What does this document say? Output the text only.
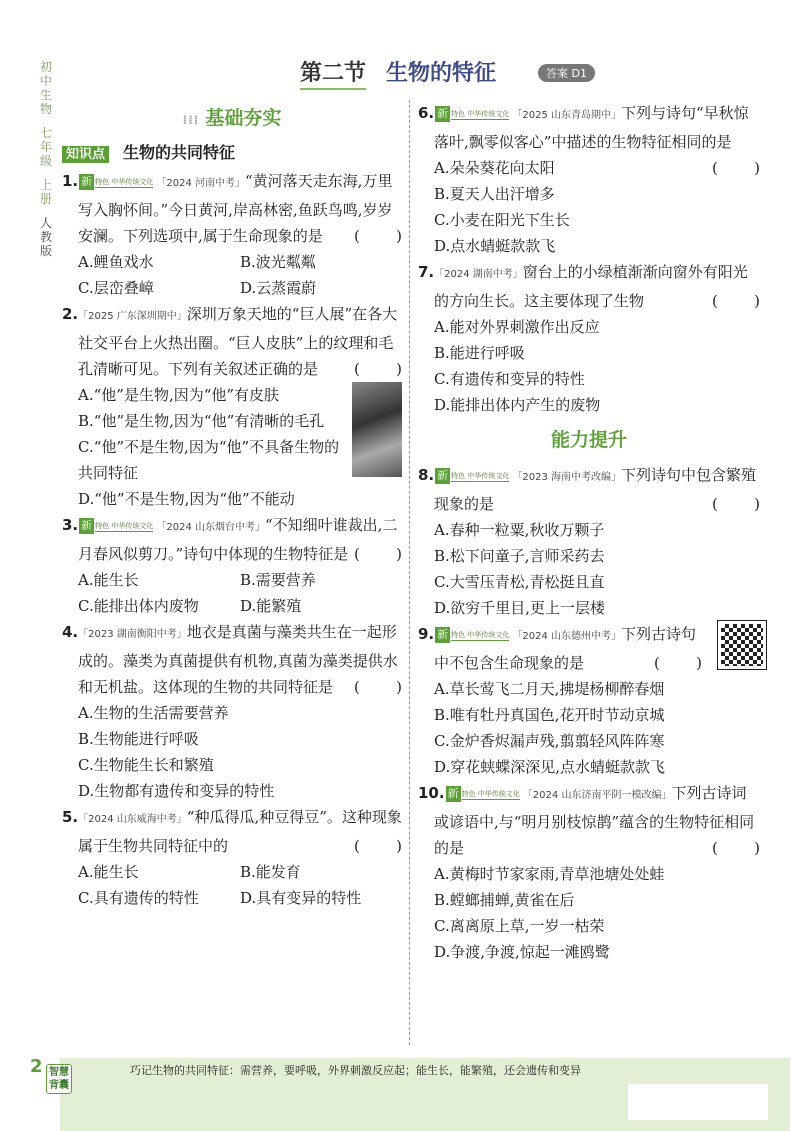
初中生物
七年级
上册
人教版
第二节 生物的特征	答案 D1
⁞⁞⁞ 基础夯实
知识点 生物的共同特征
1. 新 特色 中华传统文化 「2024 河南中考」“黄河落天走东海,万里写入胸怀间。”今日黄河,岸高林密,鱼跃鸟鸣,岁岁安澜。下列选项中,属于生命现象的是 ( )
A.鲤鱼戏水	B.波光粼粼
C.层峦叠嶂	D.云蒸霞蔚
2.「2025 广东深圳期中」深圳万象天地的“巨人展”在各大社交平台上火热出圈。“巨人皮肤”上的纹理和毛孔清晰可见。下列有关叙述正确的是 ( )
A.“他”是生物,因为“他”有皮肤
B.“他”是生物,因为“他”有清晰的毛孔
C.“他”不是生物,因为“他”不具备生物的共同特征
D.“他”不是生物,因为“他”不能动
3. 新 特色 中华传统文化 「2024 山东烟台中考」“不知细叶谁裁出,二月春风似剪刀。”诗句中体现的生物特征是 ( )
A.能生长	B.需要营养
C.能排出体内废物	D.能繁殖
4.「2023 湖南衡阳中考」地衣是真菌与藻类共生在一起形成的。藻类为真菌提供有机物,真菌为藻类提供水和无机盐。这体现的生物的共同特征是 ( )
A.生物的生活需要营养
B.生物能进行呼吸
C.生物能生长和繁殖
D.生物都有遗传和变异的特性
5.「2024 山东威海中考」“种瓜得瓜,种豆得豆”。这种现象属于生物共同特征中的	( )
A.能生长	B.能发育
C.具有遗传的特性	D.具有变异的特性
6. 新 特色 中华传统文化 「2025 山东青岛期中」下列与诗句“早秋惊落叶,飘零似客心”中描述的生物特征相同的是
( )
A.朵朵葵花向太阳
B.夏天人出汗增多
C.小麦在阳光下生长
D.点水蜻蜓款款飞
7.「2024 湖南中考」窗台上的小绿植渐渐向窗外有阳光的方向生长。这主要体现了生物	( )
A.能对外界刺激作出反应
B.能进行呼吸
C.有遗传和变异的特性
D.能排出体内产生的废物
能力提升
8. 新 特色 中华传统文化 「2023 海南中考改编」下列诗句中包含繁殖现象的是	( )
A.春种一粒粟,秋收万颗子
B.松下问童子,言师采药去
C.大雪压青松,青松挺且直
D.欲穷千里目,更上一层楼
9. 新 特色 中华传统文化 「2024 山东德州中考」下列古诗句中不包含生命现象的是	( )
A.草长莺飞二月天,拂堤杨柳醉春烟
B.唯有牡丹真国色,花开时节动京城
C.金炉香烬漏声残,翦翦轻风阵阵寒
D.穿花蛱蝶深深见,点水蜻蜓款款飞
10. 新 特色 中华传统文化 「2024 山东济南平阴一模改编」下列古诗词或谚语中,与“明月别枝惊鹊”蕴含的生物特征相同的是	( )
A.黄梅时节家家雨,青草池塘处处蛙
B.螳螂捕蝉,黄雀在后
C.离离原上草,一岁一枯荣
D.争渡,争渡,惊起一滩鸥鹭
2	巧记生物的共同特征：需营养，要呼吸，外界刺激反应起；能生长，能繁殖，还会遗传和变异
智慧背囊
